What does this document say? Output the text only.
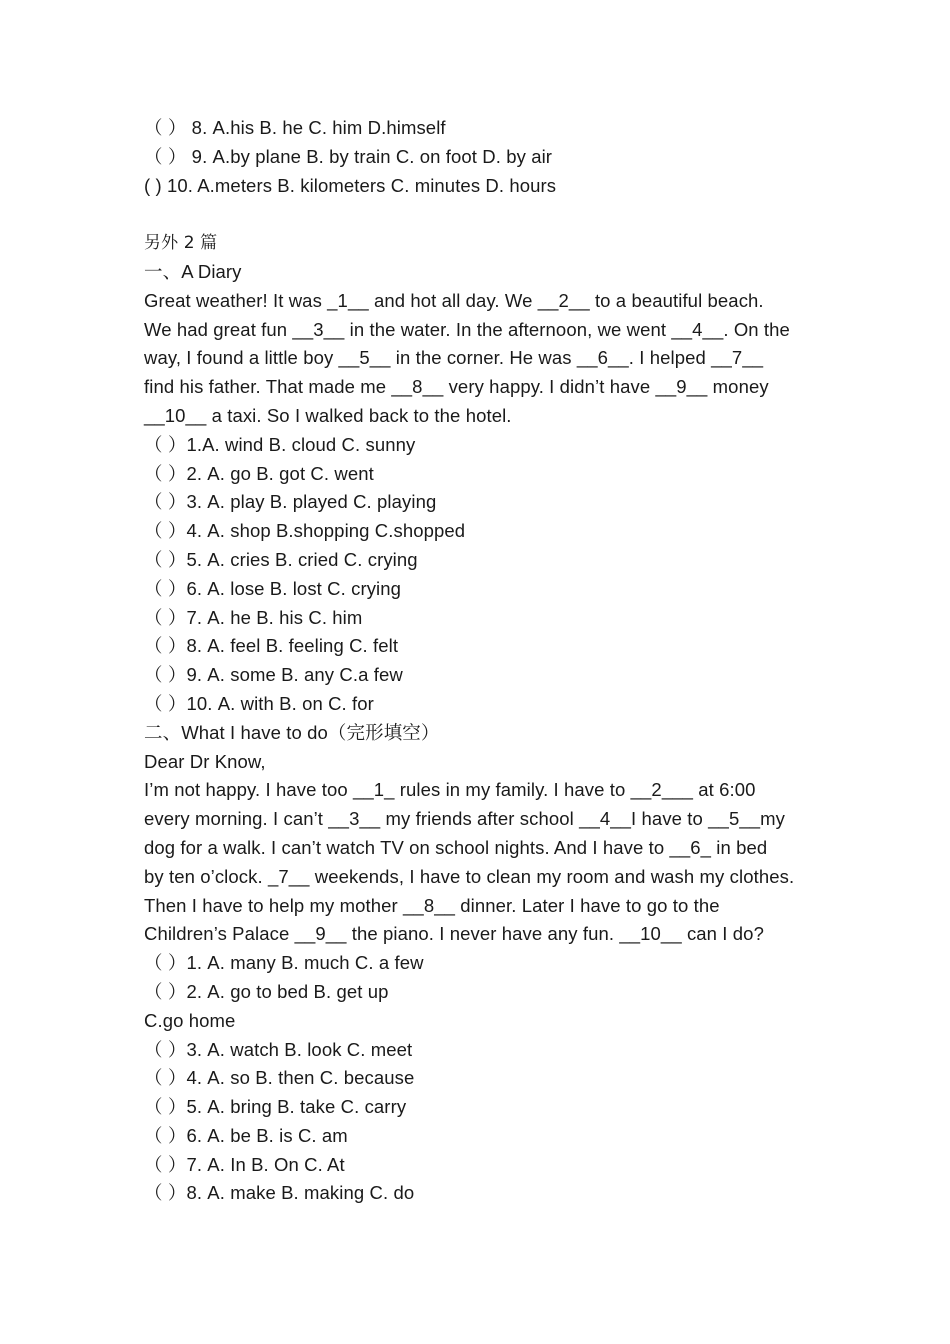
（ ） 8. A.his B. he C. him D.himself
（ ） 9. A.by plane B. by train C. on foot D. by air
( ) 10. A.meters B. kilometers C. minutes D. hours
另外 2 篇
一、A Diary
Great weather! It was _1__ and hot all day. We __2__ to a beautiful beach.
We had great fun __3__ in the water. In the afternoon, we went __4__. On the
way, I found a little boy __5__ in the corner. He was __6__. I helped __7__
find his father. That made me __8__ very happy. I didn’t have __9__ money
__10__ a taxi. So I walked back to the hotel.
（ ）1.A. wind B. cloud C. sunny
（ ）2. A. go B. got C. went
（ ）3. A. play B. played C. playing
（ ）4. A. shop B.shopping C.shopped
（ ）5. A. cries B. cried C. crying
（ ）6. A. lose B. lost C. crying
（ ）7. A. he B. his C. him
（ ）8. A. feel B. feeling C. felt
（ ）9. A. some B. any C.a few
（ ）10. A. with B. on C. for
二、What I have to do（完形填空）
Dear Dr Know,
I’m not happy. I have too __1_ rules in my family. I have to __2___ at 6:00
every morning. I can’t __3__ my friends after school __4__I have to __5__my
dog for a walk. I can’t watch TV on school nights. And I have to __6_ in bed
by ten o’clock. _7__ weekends, I have to clean my room and wash my clothes.
Then I have to help my mother __8__ dinner. Later I have to go to the
Children’s Palace __9__ the piano. I never have any fun. __10__ can I do?
（ ）1. A. many B. much C. a few
（ ）2. A. go to bed B. get up
C.go home
（ ）3. A. watch B. look C. meet
（ ）4. A. so B. then C. because
（ ）5. A. bring B. take C. carry
（ ）6. A. be B. is C. am
（ ）7. A. In B. On C. At
（ ）8. A. make B. making C. do
